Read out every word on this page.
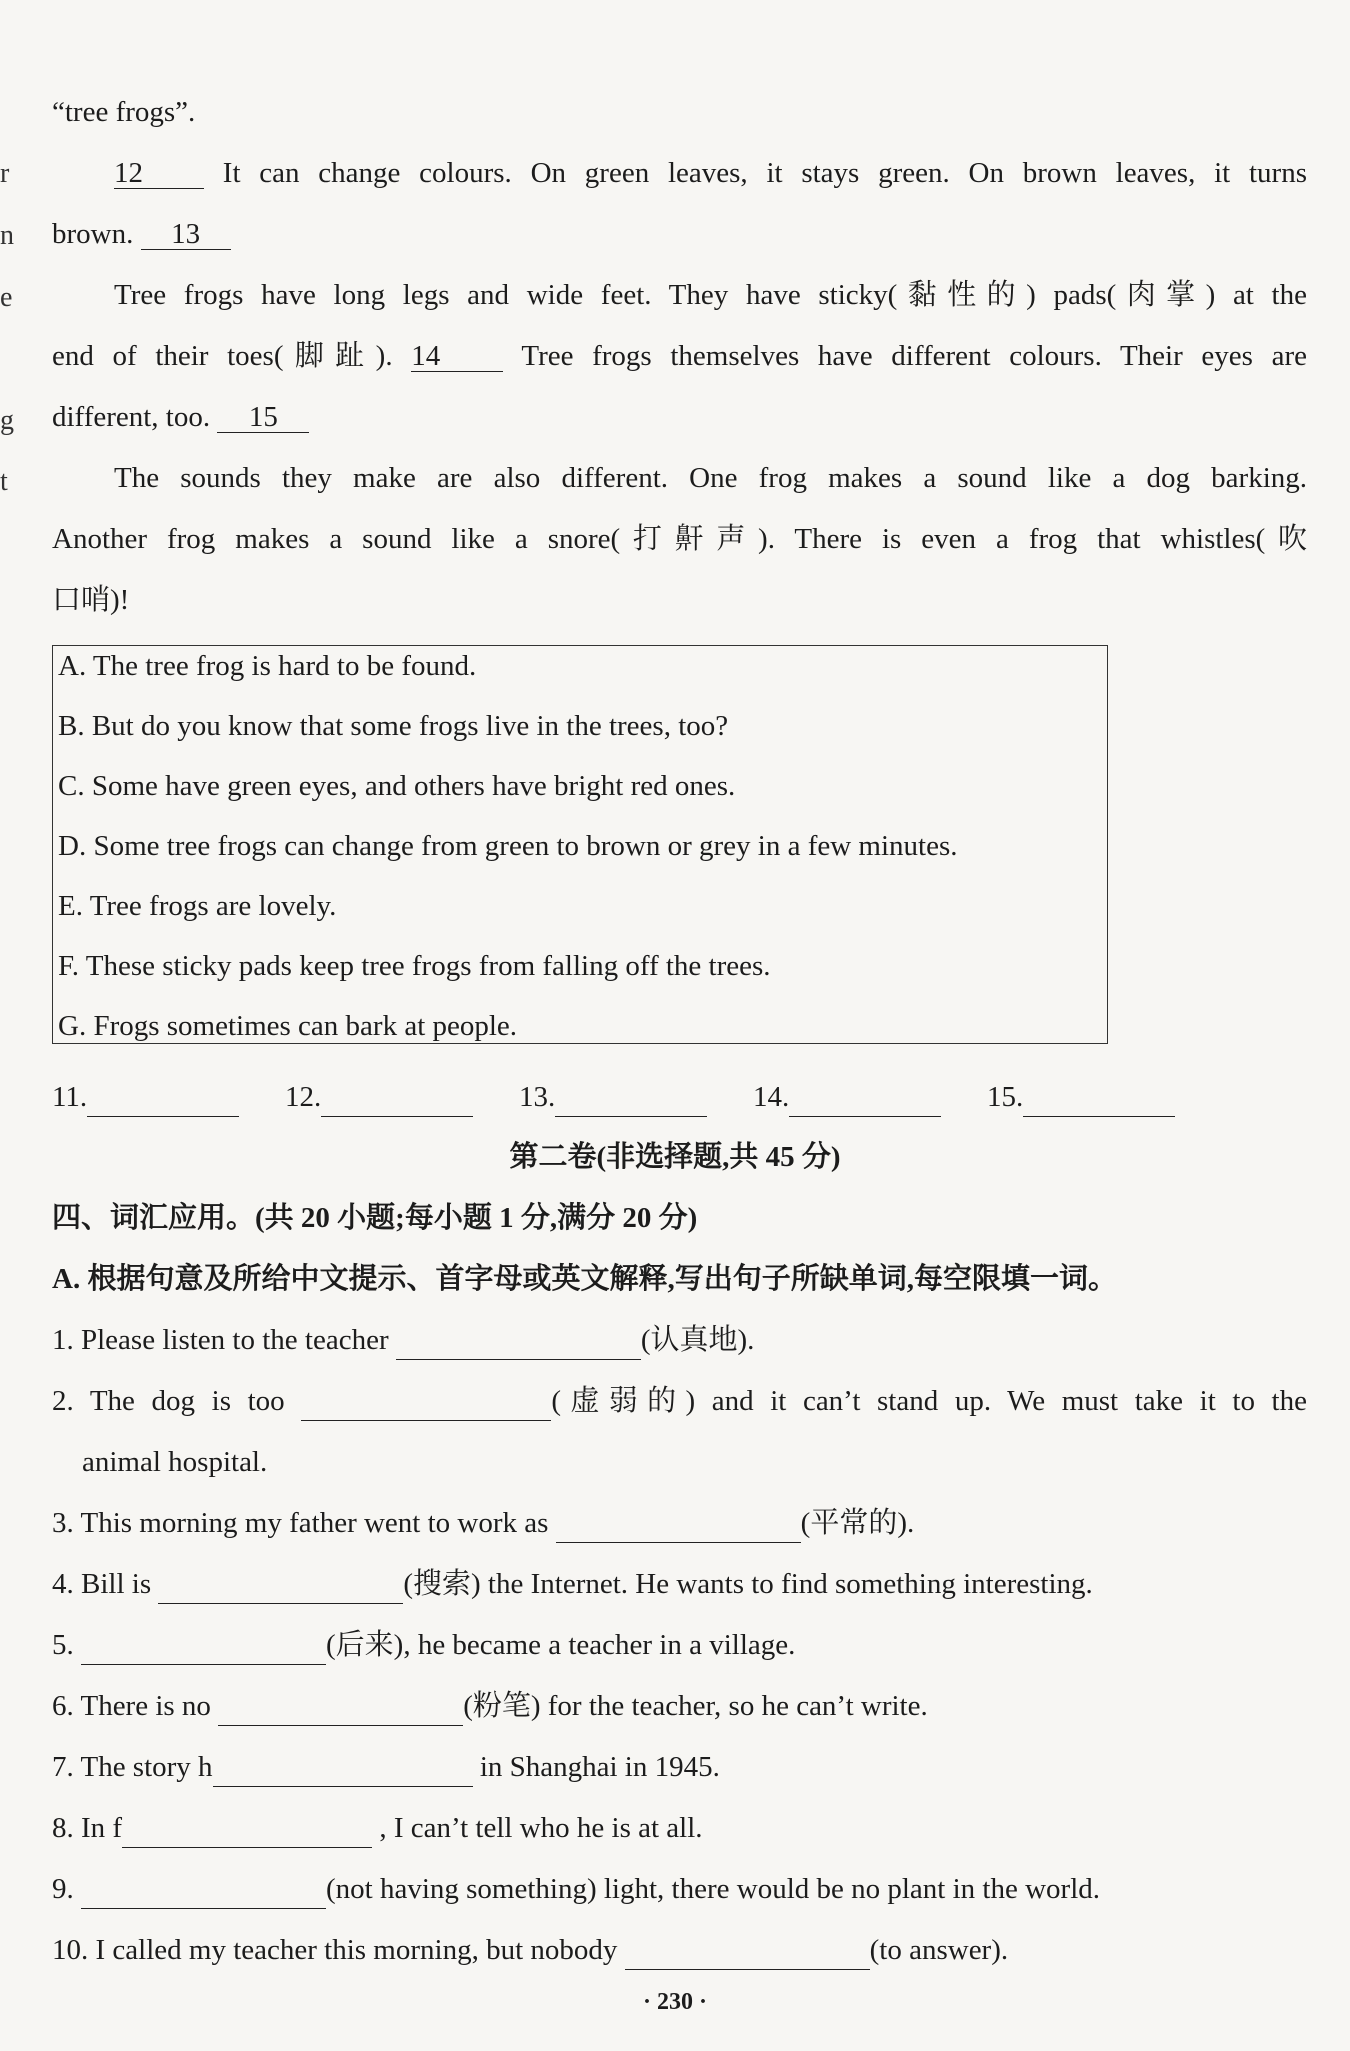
r
n
e
g
t
“tree frogs”.
12	It can change colours. On green leaves, it stays green. On brown leaves, it turns
brown. 13
Tree frogs have long legs and wide feet. They have sticky(黏性的) pads(肉掌) at the
end of their toes(脚趾). 14	Tree frogs themselves have different colours. Their eyes are
different, too. 15
The sounds they make are also different. One frog makes a sound like a dog barking.
Another frog makes a sound like a snore(打鼾声). There is even a frog that whistles(吹
口哨)!
A. The tree frog is hard to be found.
B. But do you know that some frogs live in the trees, too?
C. Some have green eyes, and others have bright red ones.
D. Some tree frogs can change from green to brown or grey in a few minutes.
E. Tree frogs are lovely.
F. These sticky pads keep tree frogs from falling off the trees.
G. Frogs sometimes can bark at people.
11.	12.	13.	14.	15.
第二卷(非选择题,共 45 分)
四、词汇应用。(共 20 小题;每小题 1 分,满分 20 分)
A. 根据句意及所给中文提示、首字母或英文解释,写出句子所缺单词,每空限填一词。
1. Please listen to the teacher	(认真地).
2. The dog is too	(虚弱的) and it can’t stand up. We must take it to the
animal hospital.
3. This morning my father went to work as	(平常的).
4. Bill is	(搜索) the Internet. He wants to find something interesting.
5.	(后来), he became a teacher in a village.
6. There is no	(粉笔) for the teacher, so he can’t write.
7. The story h	in Shanghai in 1945.
8. In f	, I can’t tell who he is at all.
9.	(not having something) light, there would be no plant in the world.
10. I called my teacher this morning, but nobody	(to answer).
· 230 ·
